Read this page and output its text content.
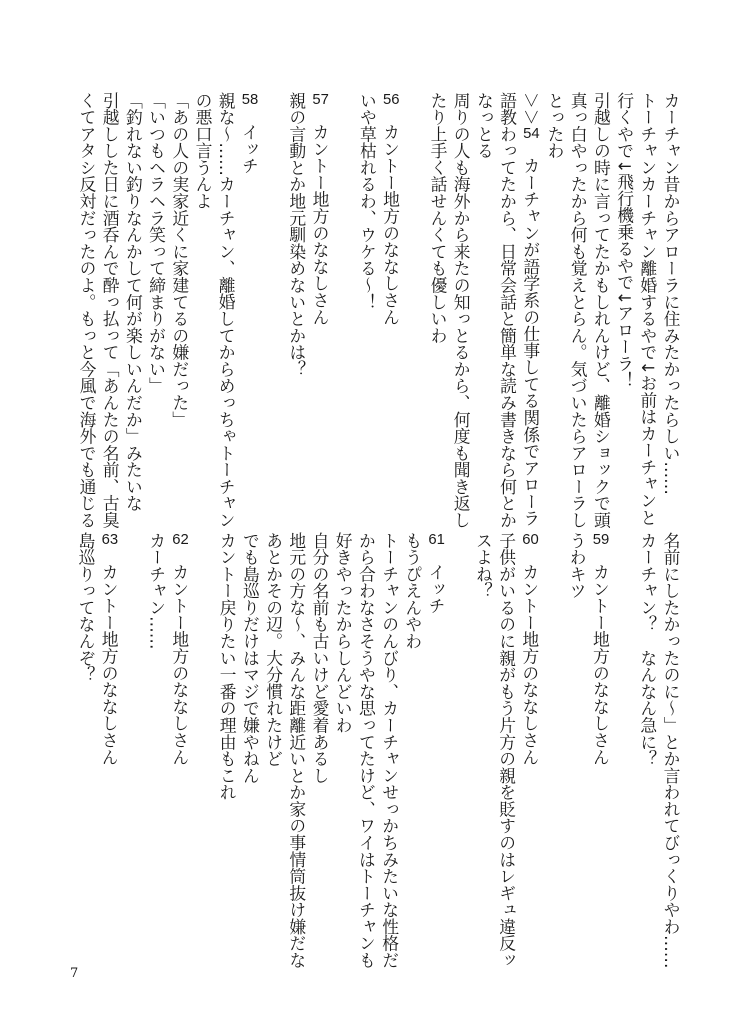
カーチャン昔からアローラに住みたかったらしい……
トーチャンカーチャン離婚するやで↓お前はカーチャンと
行くやで↓飛行機乗るやで↓アローラ！
引越しの時に言ってたかもしれんけど、離婚ショックで頭
真っ白やったから何も覚えとらん。気づいたらアローラし
とったわ
＞＞54　カーチャンが語学系の仕事してる関係でアローラ
語教わってたから、日常会話と簡単な読み書きなら何とか
なっとる
周りの人も海外から来たの知っとるから、何度も聞き返し
たり上手く話せんくても優しいわ
56　カントー地方のななしさん
いや草枯れるわ、ウケる～！
57　カントー地方のななしさん
親の言動とか地元馴染めないとかは？
58　イッチ
親な～……カーチャン、離婚してからめっちゃトーチャン
の悪口言うんよ
「あの人の実家近くに家建てるの嫌だった」
「いつもヘラヘラ笑って締まりがない」
「釣れない釣りなんかして何が楽しいんだか」みたいな
引越しした日に酒呑んで酔っ払って「あんたの名前、古臭
くてアタシ反対だったのよ。もっと今風で海外でも通じる
名前にしたかったのに～」とか言われてびっくりやわ……
カーチャン？　なんなん急に？
59　カントー地方のななしさん
うわキツ
60　カントー地方のななしさん
子供がいるのに親がもう片方の親を貶すのはレギュ違反ッ
スよね？
61　イッチ
もうぴえんやわ
トーチャンのんびり、カーチャンせっかちみたいな性格だ
から合わなさそうやな思ってたけど、ワイはトーチャンも
好きやったからしんどいわ
自分の名前も古いけど愛着あるし
地元の方な～、みんな距離近いとか家の事情筒抜け嫌だな
あとかその辺。大分慣れたけど
でも島巡りだけはマジで嫌やねん
カントー戻りたい一番の理由もこれ
62　カントー地方のななしさん
カーチャン……
63　カントー地方のななしさん
島巡りってなんぞ？
7
